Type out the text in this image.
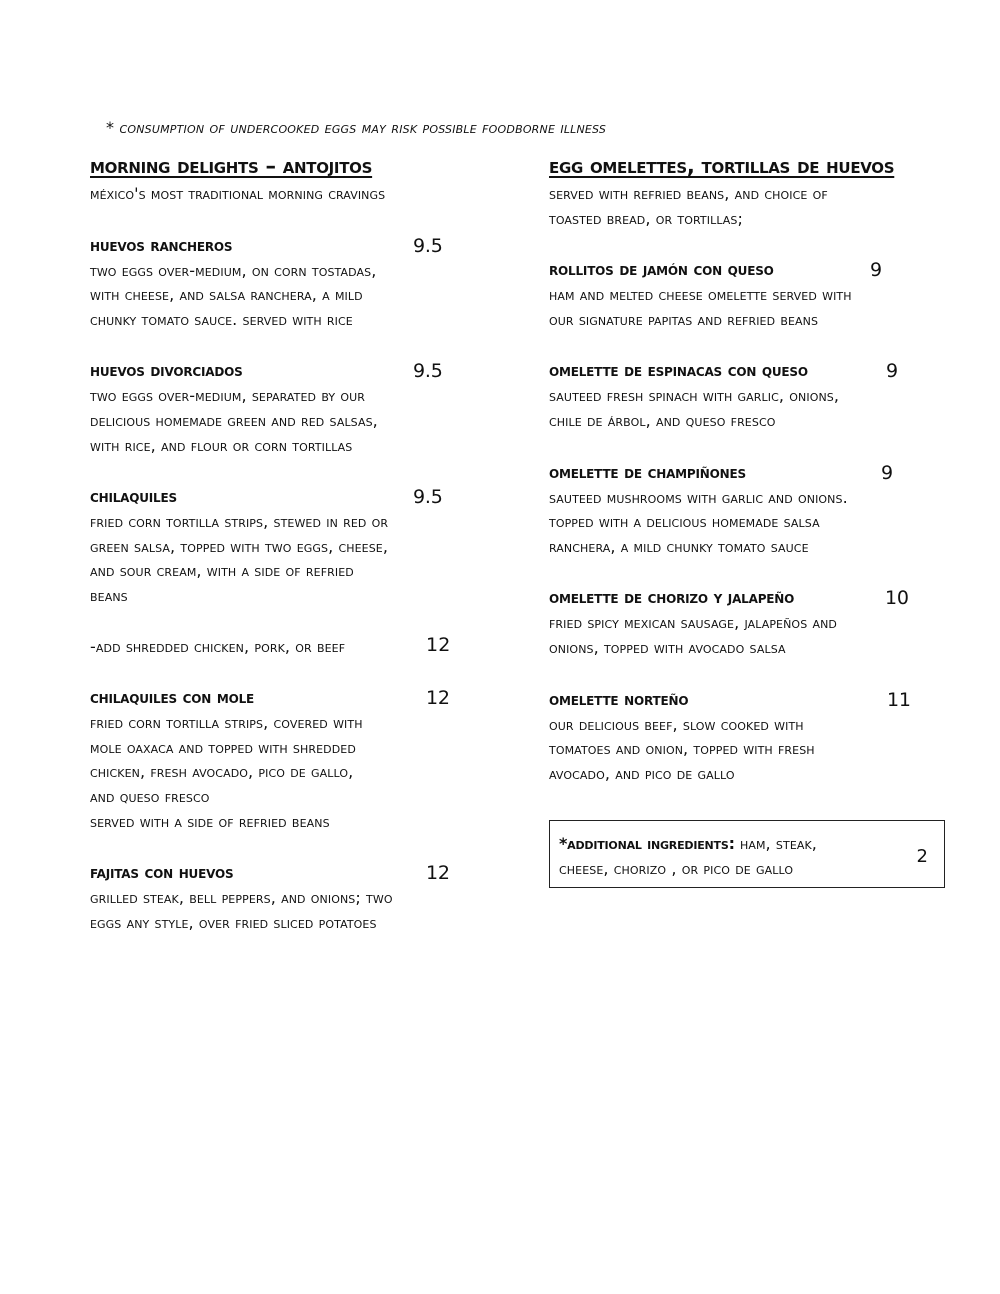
* consumption of undercooked eggs may risk possible foodborne illness
morning delights – antojitos
méxico's most traditional morning cravings
huevos rancheros	9.5
two eggs over-medium, on corn tostadas,
with cheese, and salsa ranchera, a mild
chunky tomato sauce. served with rice
huevos divorciados	9.5
two eggs over-medium, separated by our
delicious homemade green and red salsas,
with rice, and flour or corn tortillas
chilaquiles	9.5
fried corn tortilla strips, stewed in red or
green salsa, topped with two eggs, cheese,
and sour cream, with a side of refried
beans
-add shredded chicken, pork, or beef	12
chilaquiles con mole	12
fried corn tortilla strips, covered with
mole oaxaca and topped with shredded
chicken, fresh avocado, pico de gallo,
and queso fresco
served with a side of refried beans
fajitas con huevos	12
grilled steak, bell peppers, and onions; two
eggs any style, over fried sliced potatoes
egg omelettes, tortillas de huevos
served with refried beans, and choice of
toasted bread, or tortillas;
rollitos de jamón con queso	9
ham and melted cheese omelette served with
our signature papitas and refried beans
omelette de espinacas con queso	9
sauteed fresh spinach with garlic, onions,
chile de árbol, and queso fresco
omelette de champiñones	9
sauteed mushrooms with garlic and onions.
topped with a delicious homemade salsa
ranchera, a mild chunky tomato sauce
omelette de chorizo y jalapeño	10
fried spicy mexican sausage, jalapeños and
onions, topped with avocado salsa
omelette norteño	11
our delicious beef, slow cooked with
tomatoes and onion, topped with fresh
avocado, and pico de gallo
*additional ingredients: ham, steak,
cheese, chorizo , or pico de gallo
2
